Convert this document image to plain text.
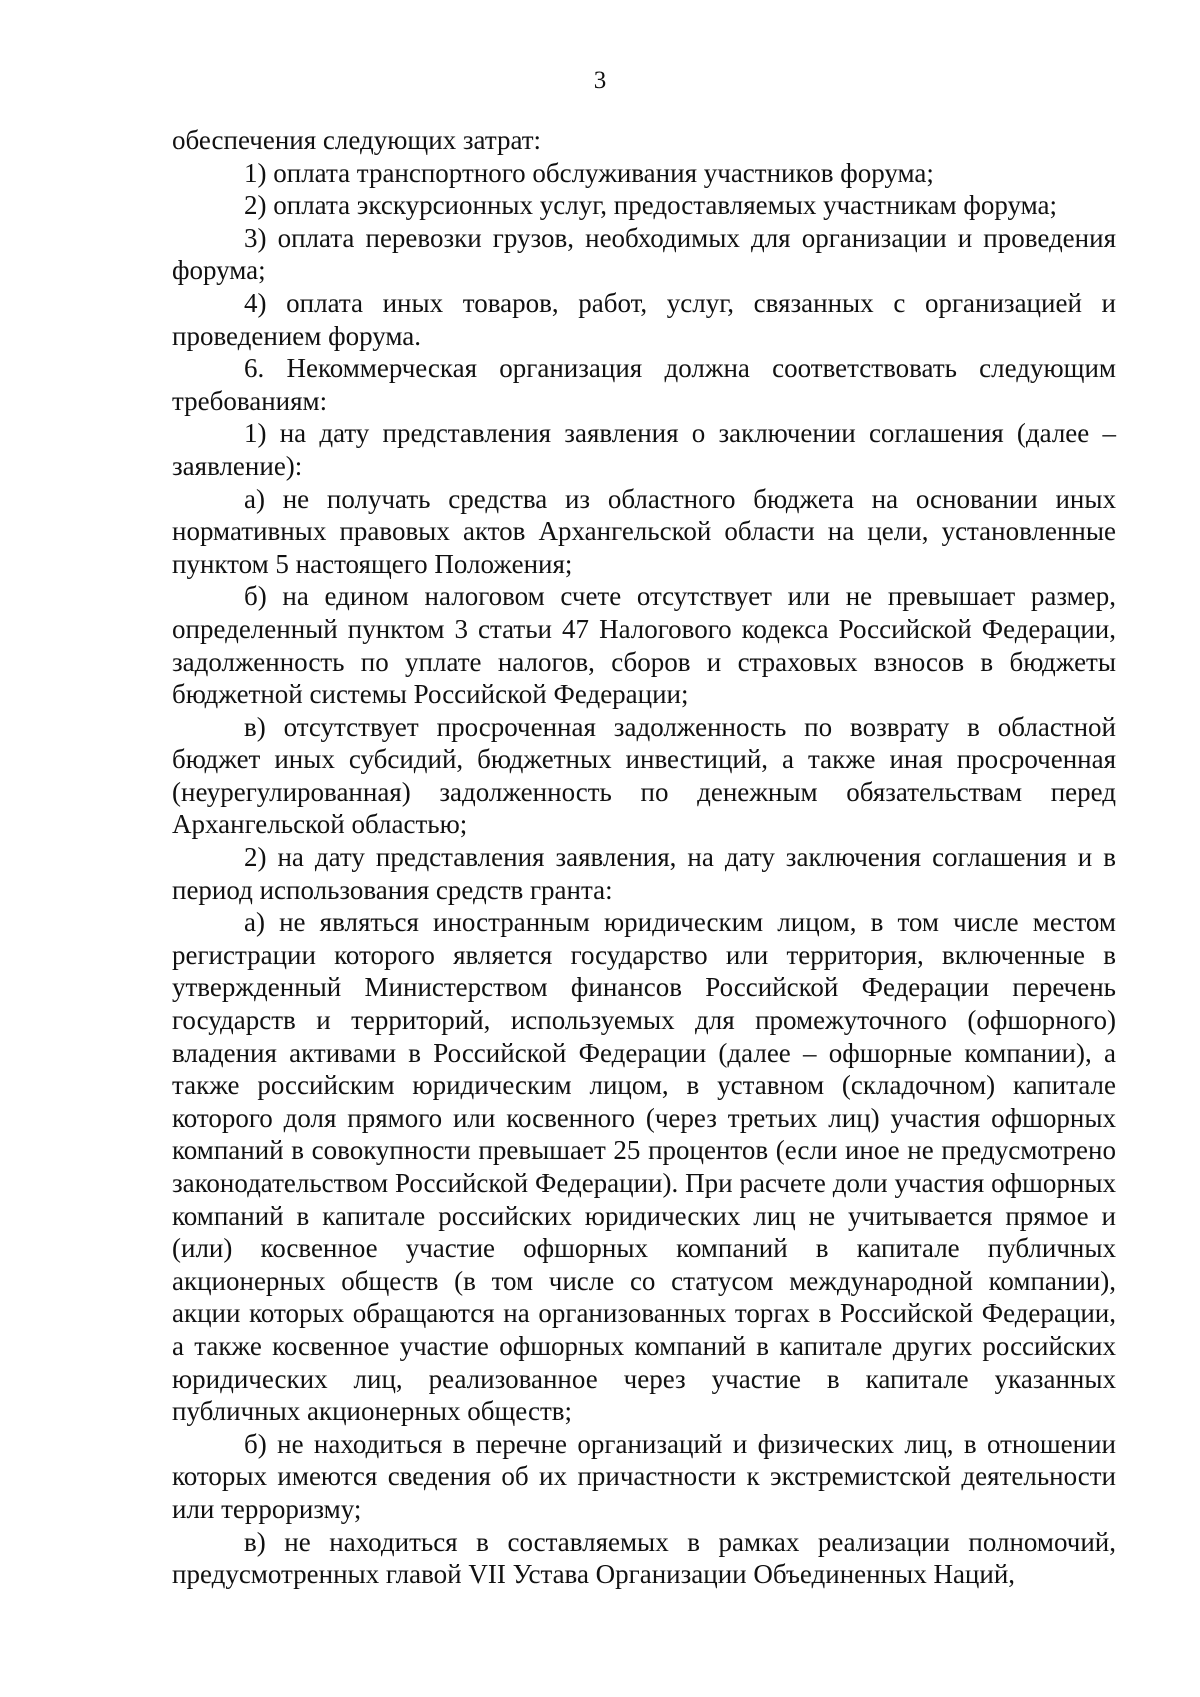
3

обеспечения следующих затрат:

1) оплата транспортного обслуживания участников форума;

2) оплата экскурсионных услуг, предоставляемых участникам форума;

3) оплата перевозки грузов, необходимых для организации и проведения форума;

4) оплата иных товаров, работ, услуг, связанных с организацией и проведением форума.

6. Некоммерческая организация должна соответствовать следующим требованиям:

1) на дату представления заявления о заключении соглашения (далее – заявление):

а) не получать средства из областного бюджета на основании иных нормативных правовых актов Архангельской области на цели, установленные пунктом 5 настоящего Положения;

б) на едином налоговом счете отсутствует или не превышает размер, определенный пунктом 3 статьи 47 Налогового кодекса Российской Федерации, задолженность по уплате налогов, сборов и страховых взносов в бюджеты бюджетной системы Российской Федерации;

в) отсутствует просроченная задолженность по возврату в областной бюджет иных субсидий, бюджетных инвестиций, а также иная просроченная (неурегулированная) задолженность по денежным обязательствам перед Архангельской областью;

2) на дату представления заявления, на дату заключения соглашения и в период использования средств гранта:

а) не являться иностранным юридическим лицом, в том числе местом регистрации которого является государство или территория, включенные в утвержденный Министерством финансов Российской Федерации перечень государств и территорий, используемых для промежуточного (офшорного) владения активами в Российской Федерации (далее – офшорные компании), а также российским юридическим лицом, в уставном (складочном) капитале которого доля прямого или косвенного (через третьих лиц) участия офшорных компаний в совокупности превышает 25 процентов (если иное не предусмотрено законодательством Российской Федерации). При расчете доли участия офшорных компаний в капитале российских юридических лиц не учитывается прямое и (или) косвенное участие офшорных компаний в капитале публичных акционерных обществ (в том числе со статусом международной компании), акции которых обращаются на организованных торгах в Российской Федерации, а также косвенное участие офшорных компаний в капитале других российских юридических лиц, реализованное через участие в капитале указанных публичных акционерных обществ;

б) не находиться в перечне организаций и физических лиц, в отношении которых имеются сведения об их причастности к экстремистской деятельности или терроризму;

в) не находиться в составляемых в рамках реализации полномочий, предусмотренных главой VII Устава Организации Объединенных Наций,
